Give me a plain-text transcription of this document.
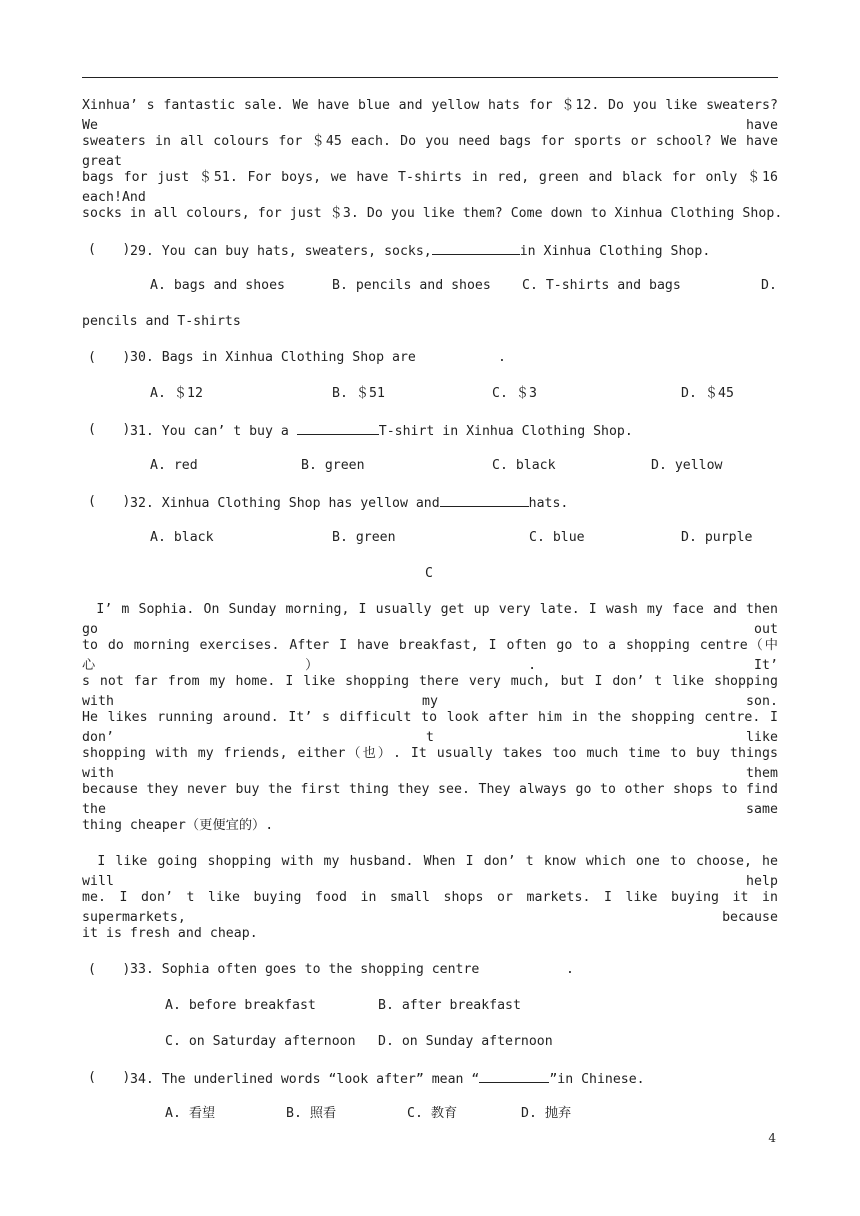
Xinhua’ s fantastic sale. We have blue and yellow hats for ＄12. Do you like sweaters? We have
sweaters in all colours for ＄45 each. Do you need bags for sports or school? We have great
bags for just ＄51. For boys, we have T-shirts in red, green and black for only ＄16 each!And
socks in all colours, for just ＄3. Do you like them? Come down to Xinhua Clothing Shop.
(　　) 29. You can buy hats, sweaters, socks,	in Xinhua Clothing Shop.
A. bags and shoes	B. pencils and shoes C. T-shirts and bags	D.
pencils and T-shirts
(　　) 30. Bags in Xinhua Clothing Shop are	.
A. ＄12	B. ＄51	C. ＄3	D. ＄45
(　　) 31. You can’ t buy a	T-shirt in Xinhua Clothing Shop.
A. red	B. green	C. black	D. yellow
(　　) 32. Xinhua Clothing Shop has yellow and	hats.
A. black	B. green	C. blue	D. purple
C
　I’ m Sophia. On Sunday morning, I usually get up very late. I wash my face and then go out
to do morning exercises. After I have breakfast, I often go to a shopping centre（中心）. It’
s not far from my home. I like shopping there very much, but I don’ t like shopping with my son.
He likes running around. It’ s difficult to look after him in the shopping centre. I don’ t like
shopping with my friends, either（也）. It usually takes too much time to buy things with them
because they never buy the first thing they see. They always go to other shops to find the same
thing cheaper（更便宜的）.
　I like going shopping with my husband. When I don’ t know which one to choose, he will help
me. I don’ t like buying food in small shops or markets. I like buying it in supermarkets, because
it is fresh and cheap.
(　　) 33. Sophia often goes to the shopping centre	.
A. before breakfast	B. after breakfast
C. on Saturday afternoon D. on Sunday afternoon
(　　) 34. The underlined words “look after” mean “	”in Chinese.
A. 看望	B. 照看	C. 教育	D. 抛弃
4
